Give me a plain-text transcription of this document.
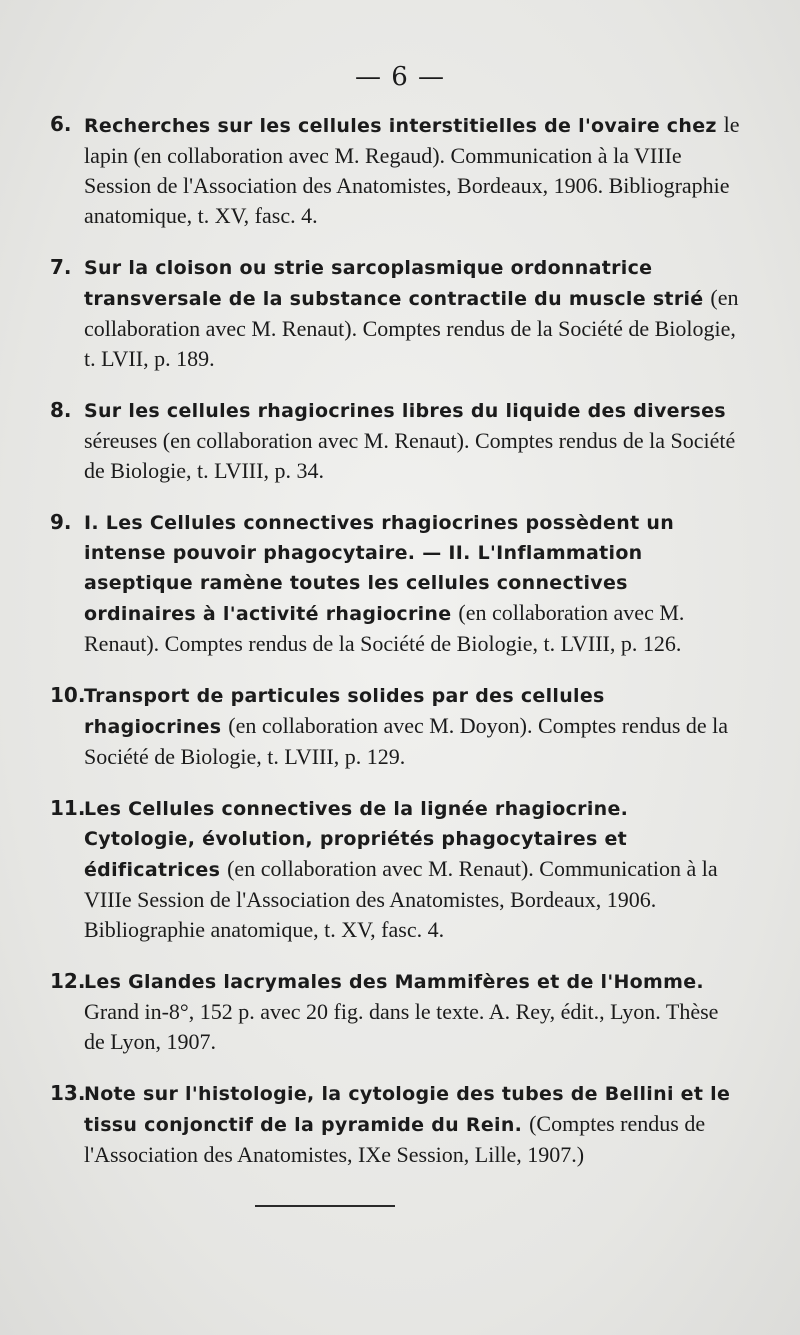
— 6 —
6. Recherches sur les cellules interstitielles de l'ovaire chez le lapin (en collaboration avec M. Regaud). Communication à la VIIIe Session de l'Association des Anatomistes, Bordeaux, 1906. Bibliographie anatomique, t. XV, fasc. 4.
7. Sur la cloison ou strie sarcoplasmique ordonnatrice transversale de la substance contractile du muscle strié (en collaboration avec M. Renaut). Comptes rendus de la Société de Biologie, t. LVII, p. 189.
8. Sur les cellules rhagiocrines libres du liquide des diverses séreuses (en collaboration avec M. Renaut). Comptes rendus de la Société de Biologie, t. LVIII, p. 34.
9. I. Les Cellules connectives rhagiocrines possèdent un intense pouvoir phagocytaire. — II. L'Inflammation aseptique ramène toutes les cellules connectives ordinaires à l'activité rhagiocrine (en collaboration avec M. Renaut). Comptes rendus de la Société de Biologie, t. LVIII, p. 126.
10.
Transport de particules solides par des cellules rhagiocrines (en collaboration avec M. Doyon). Comptes rendus de la Société de Biologie, t. LVIII, p. 129.
11.
Les Cellules connectives de la lignée rhagiocrine. Cytologie, évolution, propriétés phagocytaires et édificatrices (en collaboration avec M. Renaut). Communication à la VIIIe Session de l'Association des Anatomistes, Bordeaux, 1906. Bibliographie anatomique, t. XV, fasc. 4.
12.
Les Glandes lacrymales des Mammifères et de l'Homme. Grand in-8°, 152 p. avec 20 fig. dans le texte. A. Rey, édit., Lyon. Thèse de Lyon, 1907.
13.
Note sur l'histologie, la cytologie des tubes de Bellini et le tissu conjonctif de la pyramide du Rein. (Comptes rendus de l'Association des Anatomistes, IXe Session, Lille, 1907.)
